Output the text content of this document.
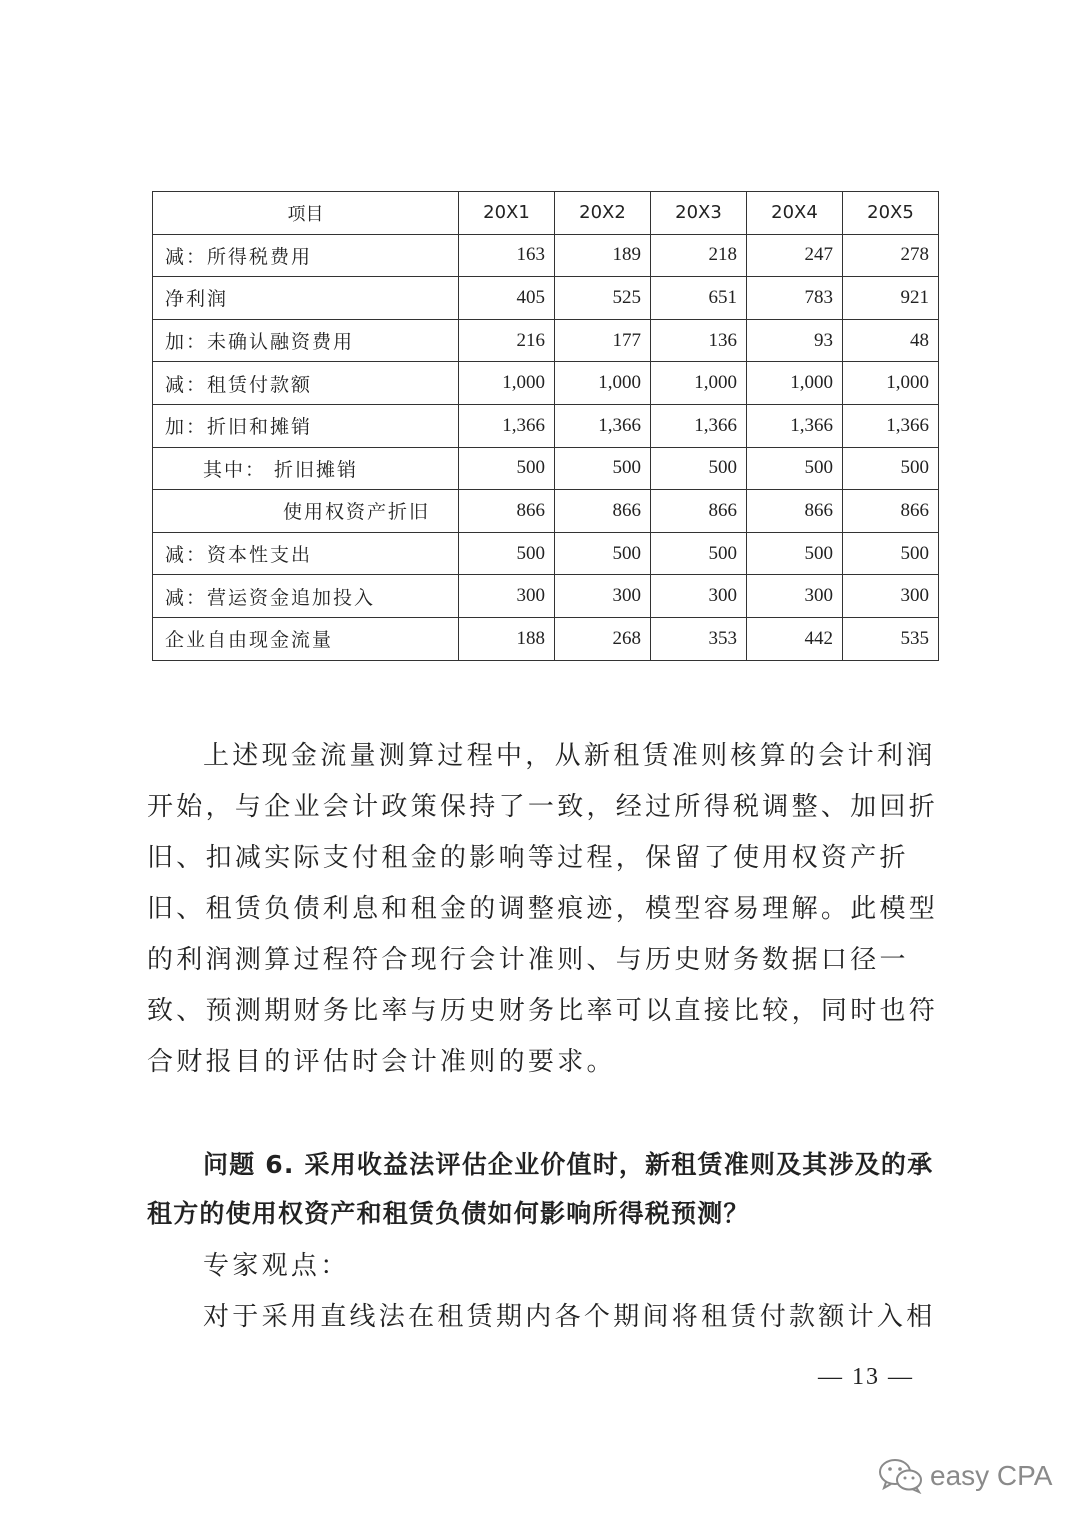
项目	20X1	20X2	20X3	20X4	20X5
减：所得税费用	163	189	218	247	278
净利润	405	525	651	783	921
加：未确认融资费用	216	177	136	93	48
减：租赁付款额	1,000	1,000	1,000	1,000	1,000
加：折旧和摊销	1,366	1,366	1,366	1,366	1,366
其中： 折旧摊销	500	500	500	500	500
使用权资产折旧	866	866	866	866	866
减：资本性支出	500	500	500	500	500
减：营运资金追加投入	300	300	300	300	300
企业自由现金流量	188	268	353	442	535

上述现金流量测算过程中，从新租赁准则核算的会计利润开始，与企业会计政策保持了一致，经过所得税调整、加回折旧、扣减实际支付租金的影响等过程，保留了使用权资产折旧、租赁负债利息和租金的调整痕迹，模型容易理解。此模型的利润测算过程符合现行会计准则、与历史财务数据口径一致、预测期财务比率与历史财务比率可以直接比较，同时也符合财报目的评估时会计准则的要求。

问题 6. 采用收益法评估企业价值时，新租赁准则及其涉及的承租方的使用权资产和租赁负债如何影响所得税预测？

专家观点：

对于采用直线法在租赁期内各个期间将租赁付款额计入相

— 13 —
easy CPA
